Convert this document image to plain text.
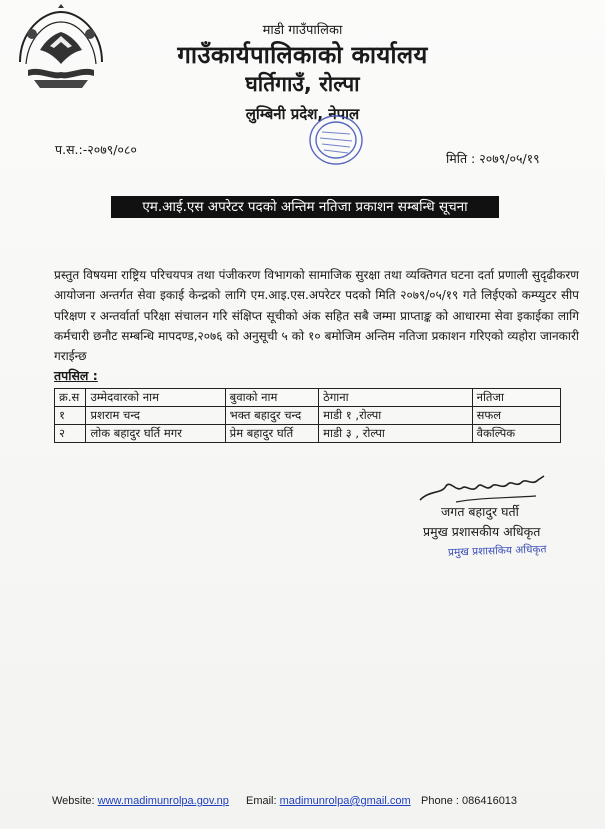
माडी गाउँपालिका
गाउँकार्यपालिकाको कार्यालय
घर्तिगाउँ, रोल्पा
लुम्बिनी प्रदेश, नेपाल
प.स.:-२०७९/०८०
मिति : २०७९/०५/१९
एम.आई.एस अपरेटर पदको अन्तिम नतिजा प्रकाशन सम्बन्धि सूचना
प्रस्तुत विषयमा राष्ट्रिय परिचयपत्र तथा पंजीकरण विभागको सामाजिक सुरक्षा तथा व्यक्तिगत घटना दर्ता प्रणाली सुदृढीकरण आयोजना अन्तर्गत सेवा इकाई केन्द्रको लागि एम.आइ.एस.अपरेटर पदको मिति २०७९/०५/१९ गते लिईएको कम्प्युटर सीप परिक्षण र अन्तर्वार्ता परिक्षा संचालन गरि संक्षिप्त सूचीको अंक सहित सबै जम्मा प्राप्ताङ्क को आधारमा सेवा इकाईका लागि कर्मचारी छनौट सम्बन्धि मापदण्ड,२०७६ को अनुसूची ५ को १० बमोजिम अन्तिम नतिजा प्रकाशन गरिएको व्यहोरा जानकारी गराईन्छ
तपसिल :
क्र.स	उम्मेदवारको नाम	बुवाको नाम	ठेगाना	नतिजा
१	प्रशराम चन्द	भक्त बहादुर चन्द	माडी १ ,रोल्पा	सफल
२	लोक बहादुर घर्ति मगर	प्रेम बहादुर घर्ति	माडी ३ , रोल्पा	वैकल्पिक
जगत बहादुर घर्ती
प्रमुख प्रशासकीय अधिकृत
प्रमुख प्रशासकिय अधिकृत
Website: www.madimunrolpa.gov.np Email: madimunrolpa@gmail.com Phone : 086416013
